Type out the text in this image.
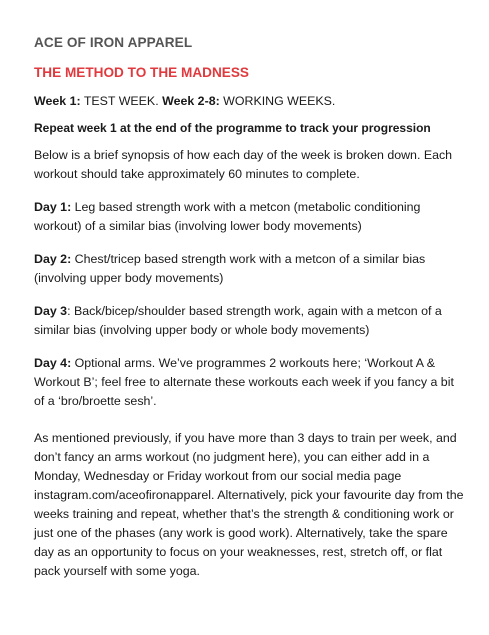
ACE OF IRON APPAREL

THE METHOD TO THE MADNESS

Week 1: TEST WEEK. Week 2-8: WORKING WEEKS.

Repeat week 1 at the end of the programme to track your progression

Below is a brief synopsis of how each day of the week is broken down. Each workout should take approximately 60 minutes to complete.

Day 1: Leg based strength work with a metcon (metabolic conditioning workout) of a similar bias (involving lower body movements)

Day 2: Chest/tricep based strength work with a metcon of a similar bias (involving upper body movements)

Day 3: Back/bicep/shoulder based strength work, again with a metcon of a similar bias (involving upper body or whole body movements)

Day 4: Optional arms. We’ve programmes 2 workouts here; ‘Workout A & Workout B’; feel free to alternate these workouts each week if you fancy a bit of a ‘bro/broette sesh’.

As mentioned previously, if you have more than 3 days to train per week, and don’t fancy an arms workout (no judgment here), you can either add in a Monday, Wednesday or Friday workout from our social media page instagram.com/aceofironapparel. Alternatively, pick your favourite day from the weeks training and repeat, whether that’s the strength & conditioning work or just one of the phases (any work is good work). Alternatively, take the spare day as an opportunity to focus on your weaknesses, rest, stretch off, or flat pack yourself with some yoga.
